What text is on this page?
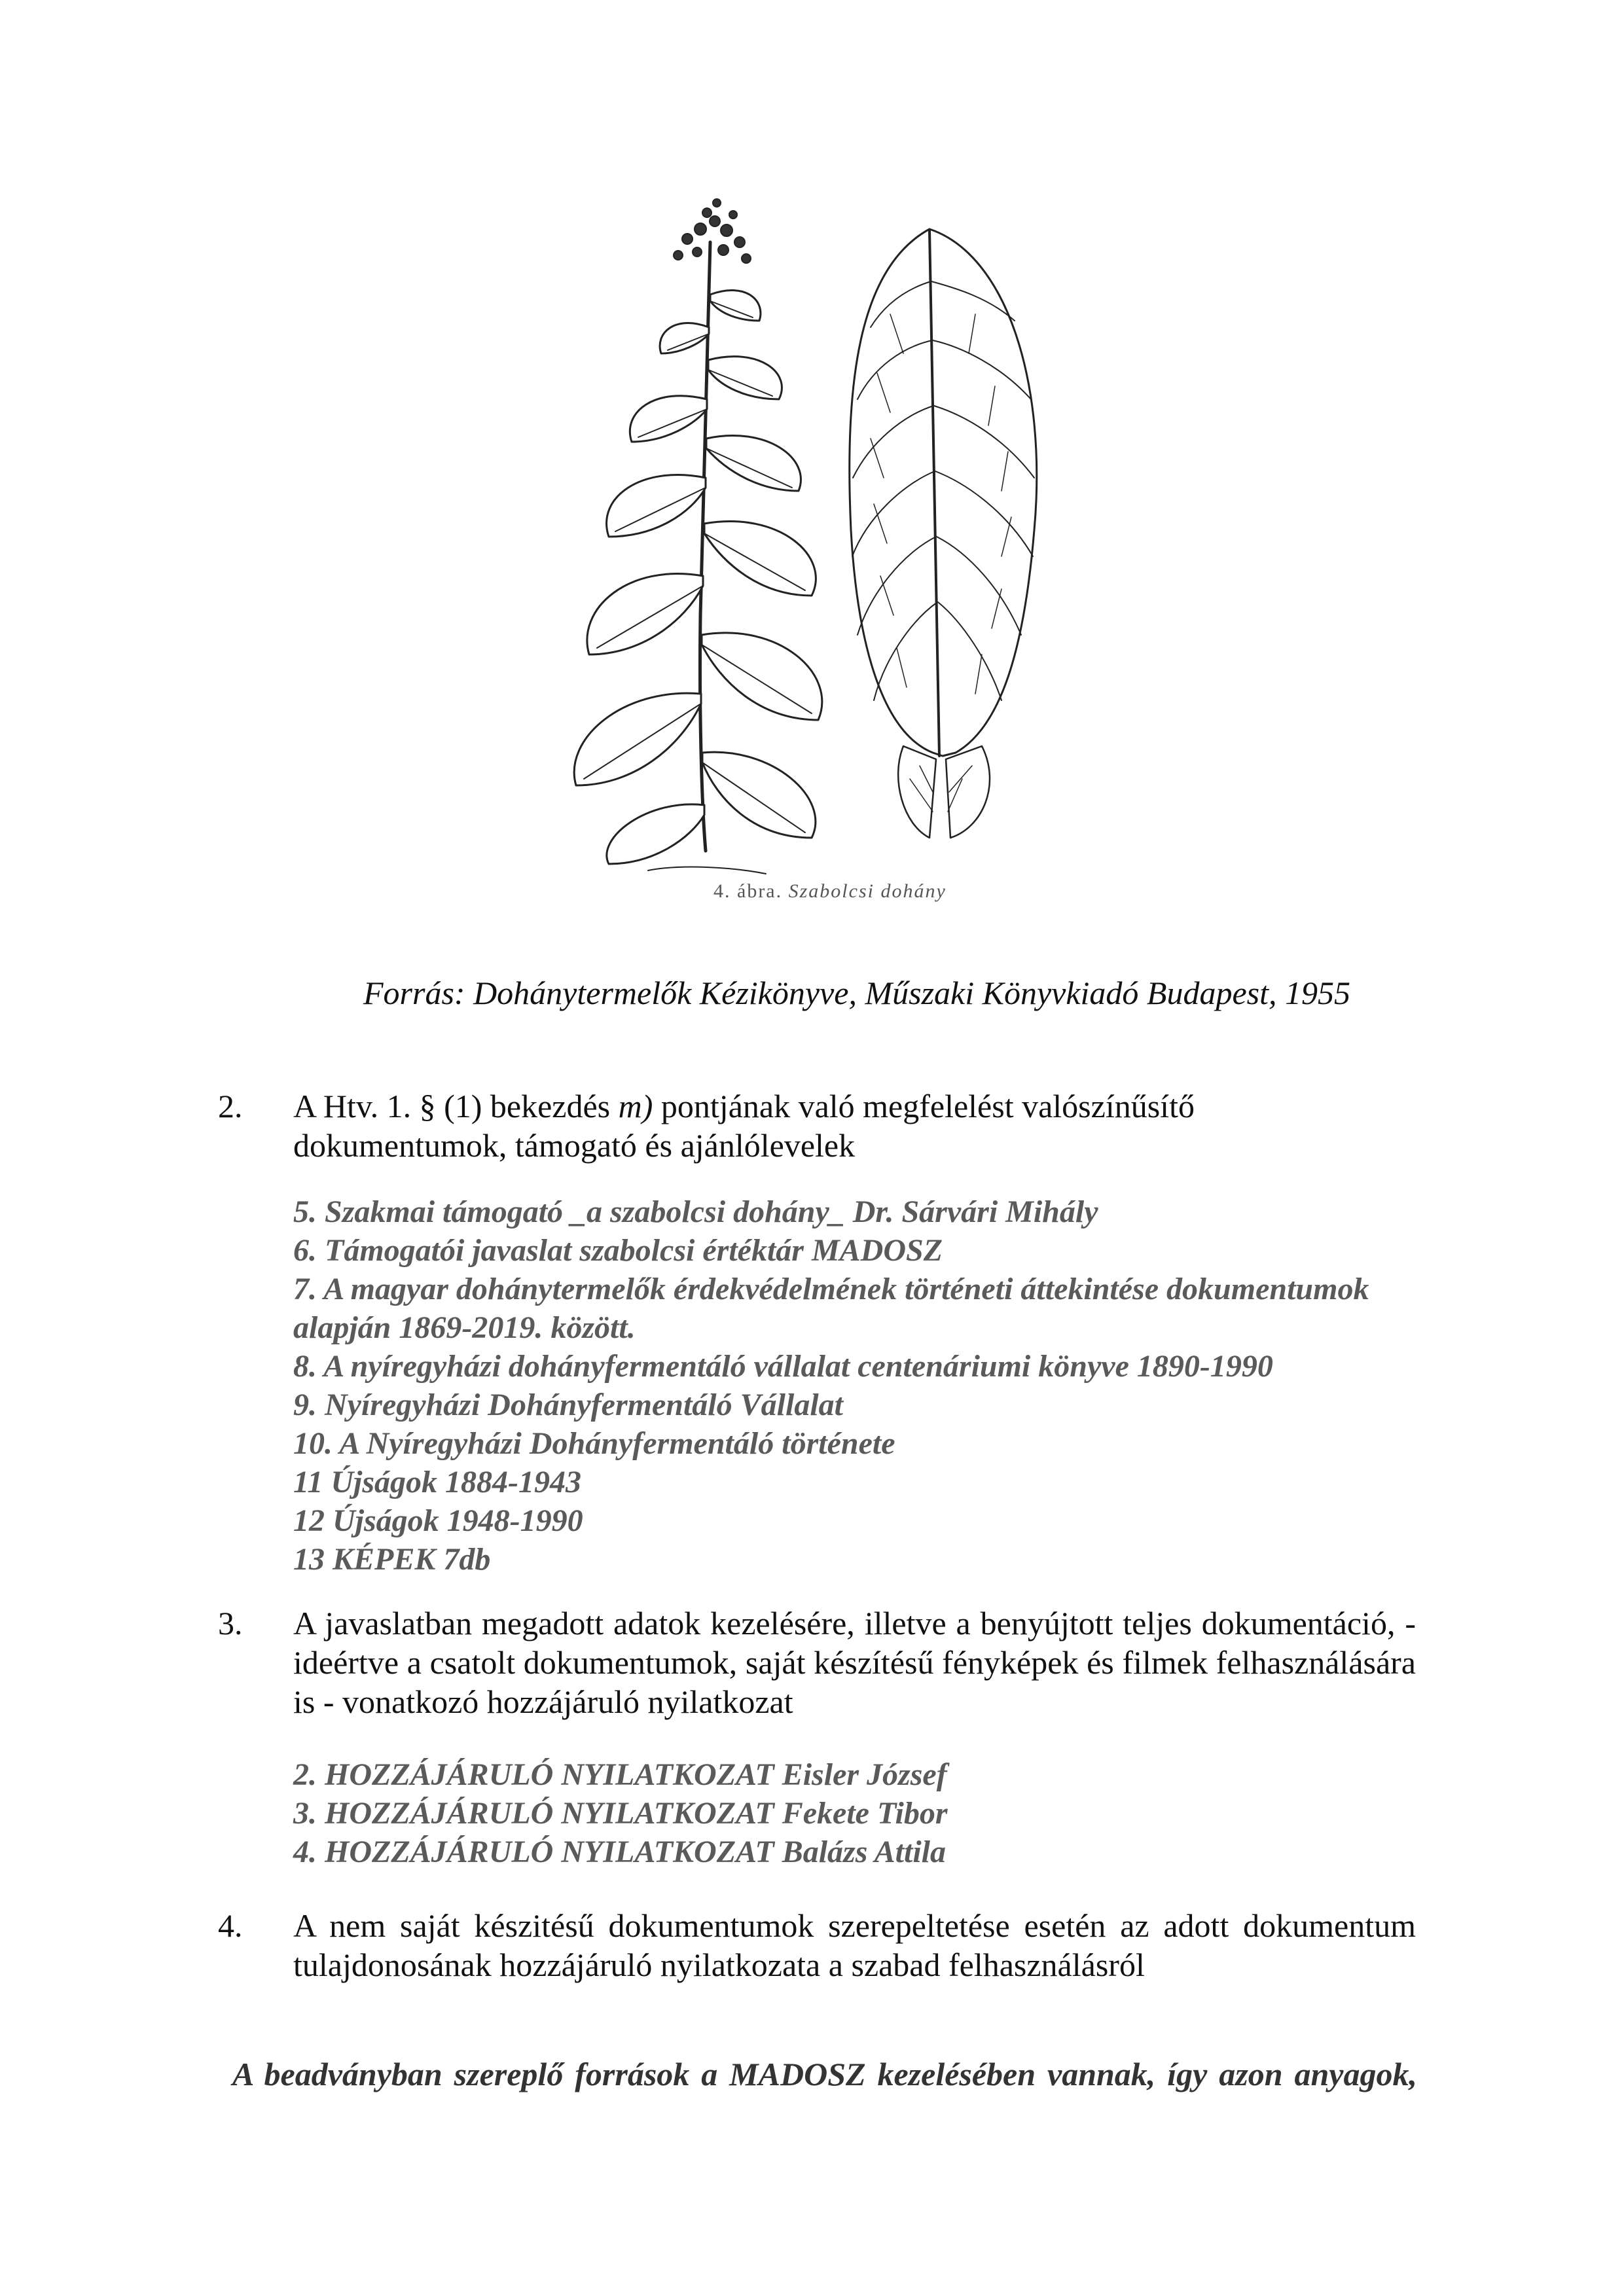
4. ábra. Szabolcsi dohány
Forrás: Dohánytermelők Kézikönyve, Műszaki Könyvkiadó Budapest, 1955
2. A Htv. 1. § (1) bekezdés m) pontjának való megfelelést valószínűsítő dokumentumok, támogató és ajánlólevelek
5. Szakmai támogató _a szabolcsi dohány_ Dr. Sárvári Mihály
6. Támogatói javaslat szabolcsi értéktár MADOSZ
7. A magyar dohánytermelők érdekvédelmének történeti áttekintése dokumentumok alapján 1869-2019. között.
8. A nyíregyházi dohányfermentáló vállalat centenáriumi könyve 1890-1990
9. Nyíregyházi Dohányfermentáló Vállalat
10. A Nyíregyházi Dohányfermentáló története
11 Újságok 1884-1943
12 Újságok 1948-1990
13 KÉPEK 7db
3. A javaslatban megadott adatok kezelésére, illetve a benyújtott teljes dokumentáció, - ideértve a csatolt dokumentumok, saját készítésű fényképek és filmek felhasználására is - vonatkozó hozzájáruló nyilatkozat
2. HOZZÁJÁRULÓ NYILATKOZAT Eisler József
3. HOZZÁJÁRULÓ NYILATKOZAT Fekete Tibor
4. HOZZÁJÁRULÓ NYILATKOZAT Balázs Attila
4. A nem saját készitésű dokumentumok szerepeltetése esetén az adott dokumentum tulajdonosának hozzájáruló nyilatkozata a szabad felhasználásról
A beadványban szereplő források a MADOSZ kezelésében vannak, így azon anyagok,
